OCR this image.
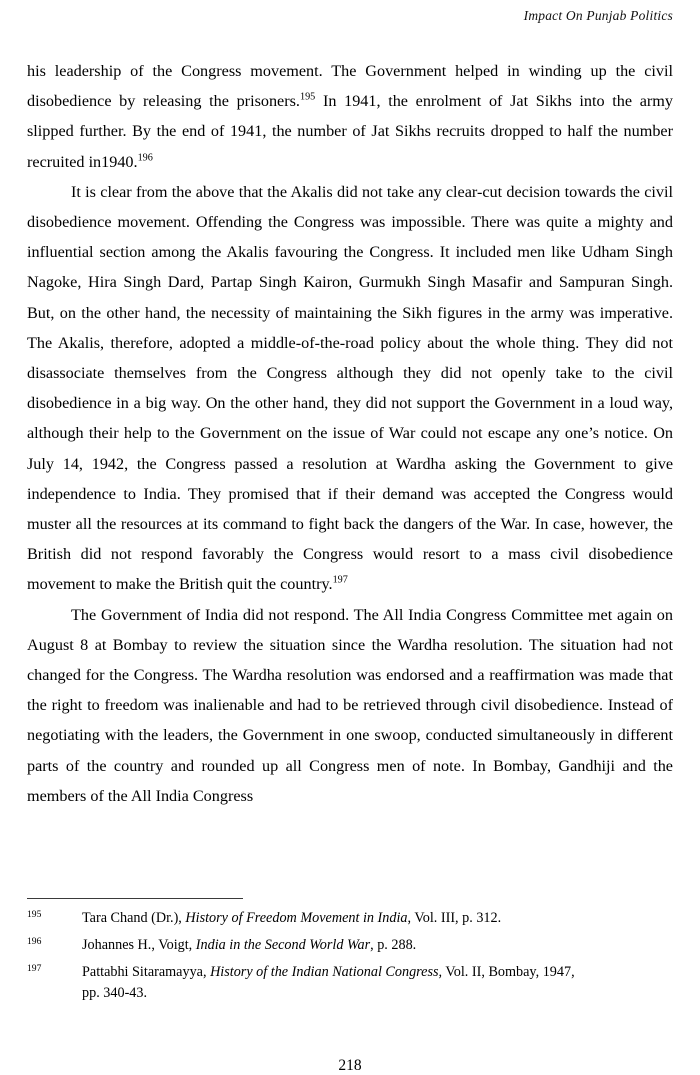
Impact On Punjab Politics

his leadership of the Congress movement. The Government helped in winding up the civil disobedience by releasing the prisoners.$^{195}$ In 1941, the enrolment of Jat Sikhs into the army slipped further. By the end of 1941, the number of Jat Sikhs recruits dropped to half the number recruited in1940.$^{196}$

It is clear from the above that the Akalis did not take any clear-cut decision towards the civil disobedience movement. Offending the Congress was impossible. There was quite a mighty and influential section among the Akalis favouring the Congress. It included men like Udham Singh Nagoke, Hira Singh Dard, Partap Singh Kairon, Gurmukh Singh Masafir and Sampuran Singh. But, on the other hand, the necessity of maintaining the Sikh figures in the army was imperative. The Akalis, therefore, adopted a middle-of-the-road policy about the whole thing. They did not disassociate themselves from the Congress although they did not openly take to the civil disobedience in a big way. On the other hand, they did not support the Government in a loud way, although their help to the Government on the issue of War could not escape any one’s notice. On July 14, 1942, the Congress passed a resolution at Wardha asking the Government to give independence to India. They promised that if their demand was accepted the Congress would muster all the resources at its command to fight back the dangers of the War. In case, however, the British did not respond favorably the Congress would resort to a mass civil disobedience movement to make the British quit the country.$^{197}$

The Government of India did not respond. The All India Congress Committee met again on August 8 at Bombay to review the situation since the Wardha resolution. The situation had not changed for the Congress. The Wardha resolution was endorsed and a reaffirmation was made that the right to freedom was inalienable and had to be retrieved through civil disobedience. Instead of negotiating with the leaders, the Government in one swoop, conducted simultaneously in different parts of the country and rounded up all Congress men of note. In Bombay, Gandhiji and the members of the All India Congress

195	Tara Chand (Dr.), History of Freedom Movement in India, Vol. III, p. 312.
196	Johannes H., Voigt, India in the Second World War, p. 288.
197	Pattabhi Sitaramayya, History of the Indian National Congress, Vol. II, Bombay, 1947,
pp. 340-43.
218
